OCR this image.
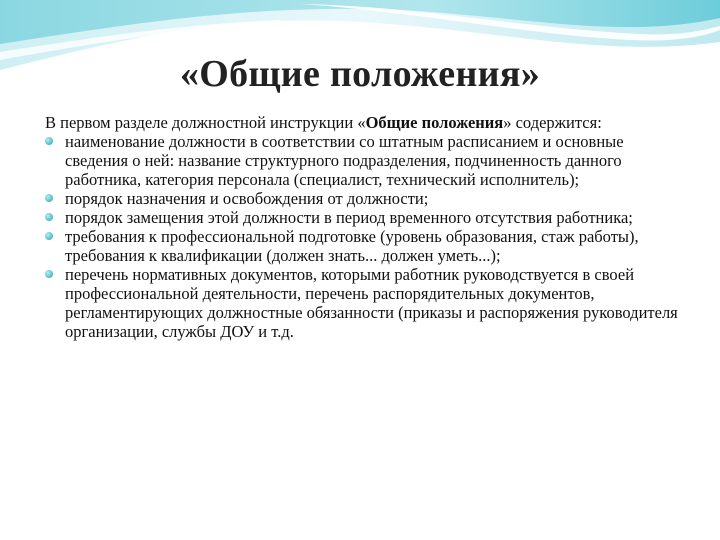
«Общие положения»
В первом разделе должностной инструкции «Общие положения» содержится:
наименование должности в соответствии со штатным расписанием и основные сведения о ней: название структурного подразделения, подчиненность данного работника, категория персонала (специалист, технический исполнитель);
порядок назначения и освобождения от должности;
порядок замещения этой должности в период временного отсутствия работника;
требования к профессиональной подготовке (уровень образования, стаж работы), требования к квалификации (должен знать... должен уметь...);
перечень нормативных документов, которыми работник руководствуется в своей профессиональной деятельности, перечень распорядительных документов, регламентирующих должностные обязанности (приказы и распоряжения руководителя организации, службы ДОУ и т.д.
